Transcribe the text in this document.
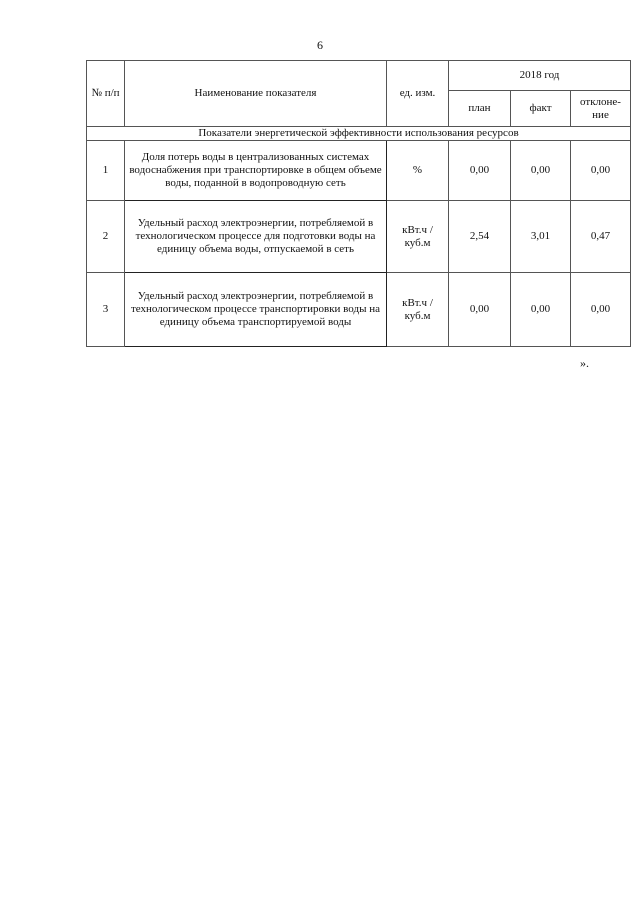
6
№ п/п	Наименование показателя	ед. изм.	2018 год		
			план	факт	отклоне-ние
Показатели энергетической эффективности использования ресурсов					
1	Доля потерь воды в централизованных системах водоснабжения при транспортировке в общем объеме воды, поданной в водопроводную сеть	%	0,00	0,00	0,00
2	Удельный расход электроэнергии, потребляемой в технологическом процессе для подготовки воды на единицу объема воды, отпускаемой в сеть	кВт.ч / куб.м	2,54	3,01	0,47
3	Удельный расход электроэнергии, потребляемой в технологическом процессе транспортировки воды на единицу объема транспортируемой воды	кВт.ч / куб.м	0,00	0,00	0,00
».
